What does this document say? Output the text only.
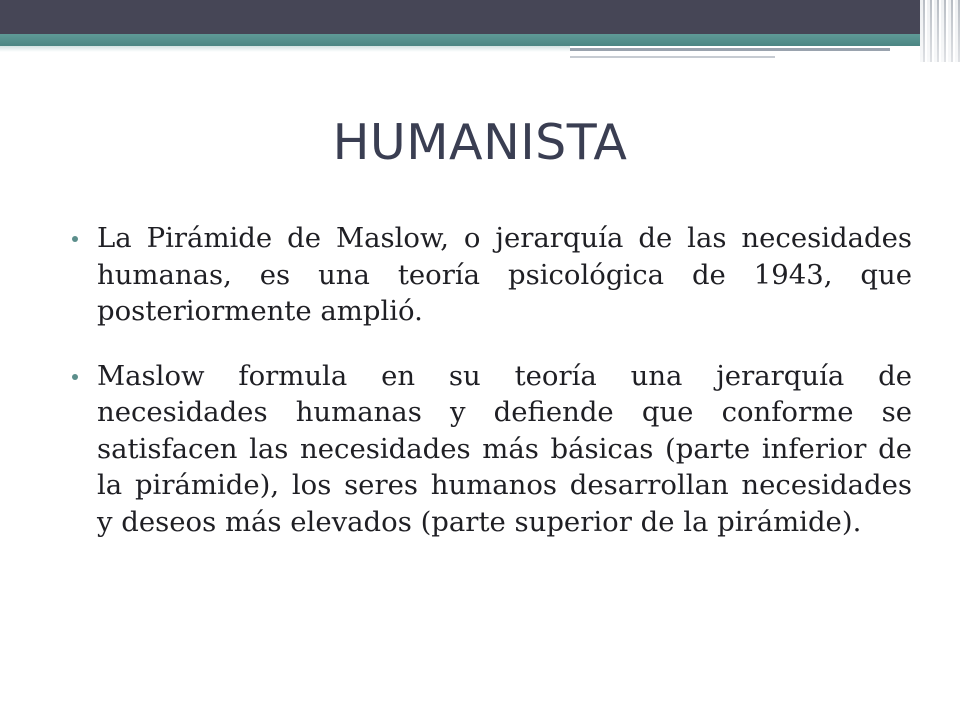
HUMANISTA
La Pirámide de Maslow, o jerarquía de las necesidades humanas, es una teoría psicológica de 1943, que posteriormente amplió.
Maslow formula en su teoría una jerarquía de necesidades humanas y defiende que conforme se satisfacen las necesidades más básicas (parte inferior de la pirámide), los seres humanos desarrollan necesidades y deseos más elevados (parte superior de la pirámide).
